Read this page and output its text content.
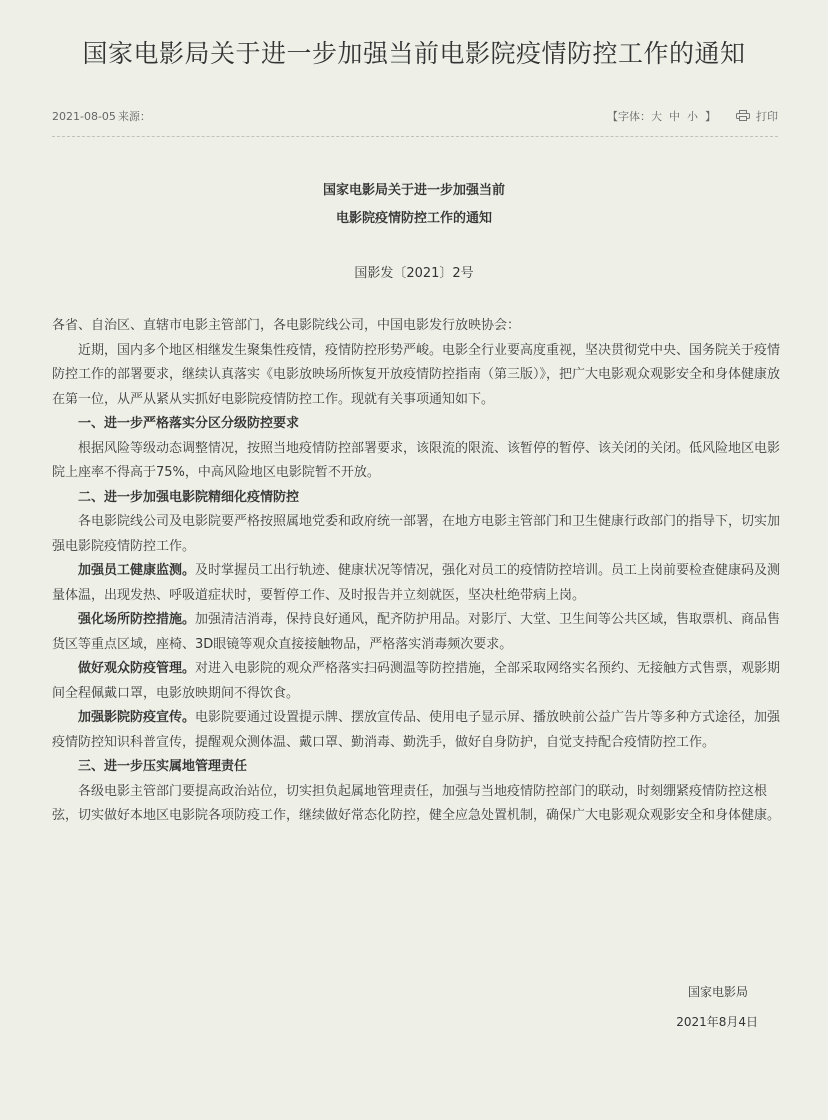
国家电影局关于进一步加强当前电影院疫情防控工作的通知
2021-08-05 来源：	【字体：大 中 小 】	打印
国家电影局关于进一步加强当前
电影院疫情防控工作的通知
国影发〔2021〕2号

各省、自治区、直辖市电影主管部门，各电影院线公司，中国电影发行放映协会：

近期，国内多个地区相继发生聚集性疫情，疫情防控形势严峻。电影全行业要高度重视，坚决贯彻党中央、国务院关于疫情防控工作的部署要求，继续认真落实《电影放映场所恢复开放疫情防控指南（第三版）》，把广大电影观众观影安全和身体健康放在第一位，从严从紧从实抓好电影院疫情防控工作。现就有关事项通知如下。

一、进一步严格落实分区分级防控要求

根据风险等级动态调整情况，按照当地疫情防控部署要求，该限流的限流、该暂停的暂停、该关闭的关闭。低风险地区电影院上座率不得高于75%，中高风险地区电影院暂不开放。

二、进一步加强电影院精细化疫情防控

各电影院线公司及电影院要严格按照属地党委和政府统一部署，在地方电影主管部门和卫生健康行政部门的指导下，切实加强电影院疫情防控工作。

加强员工健康监测。及时掌握员工出行轨迹、健康状况等情况，强化对员工的疫情防控培训。员工上岗前要检查健康码及测量体温，出现发热、呼吸道症状时，要暂停工作、及时报告并立刻就医，坚决杜绝带病上岗。

强化场所防控措施。加强清洁消毒，保持良好通风，配齐防护用品。对影厅、大堂、卫生间等公共区域，售取票机、商品售货区等重点区域，座椅、3D眼镜等观众直接接触物品，严格落实消毒频次要求。

做好观众防疫管理。对进入电影院的观众严格落实扫码测温等防控措施，全部采取网络实名预约、无接触方式售票，观影期间全程佩戴口罩，电影放映期间不得饮食。

加强影院防疫宣传。电影院要通过设置提示牌、摆放宣传品、使用电子显示屏、播放映前公益广告片等多种方式途径，加强疫情防控知识科普宣传，提醒观众测体温、戴口罩、勤消毒、勤洗手，做好自身防护，自觉支持配合疫情防控工作。

三、进一步压实属地管理责任

各级电影主管部门要提高政治站位，切实担负起属地管理责任，加强与当地疫情防控部门的联动，时刻绷紧疫情防控这根弦，切实做好本地区电影院各项防疫工作，继续做好常态化防控，健全应急处置机制，确保广大电影观众观影安全和身体健康。

国家电影局
2021年8月4日
